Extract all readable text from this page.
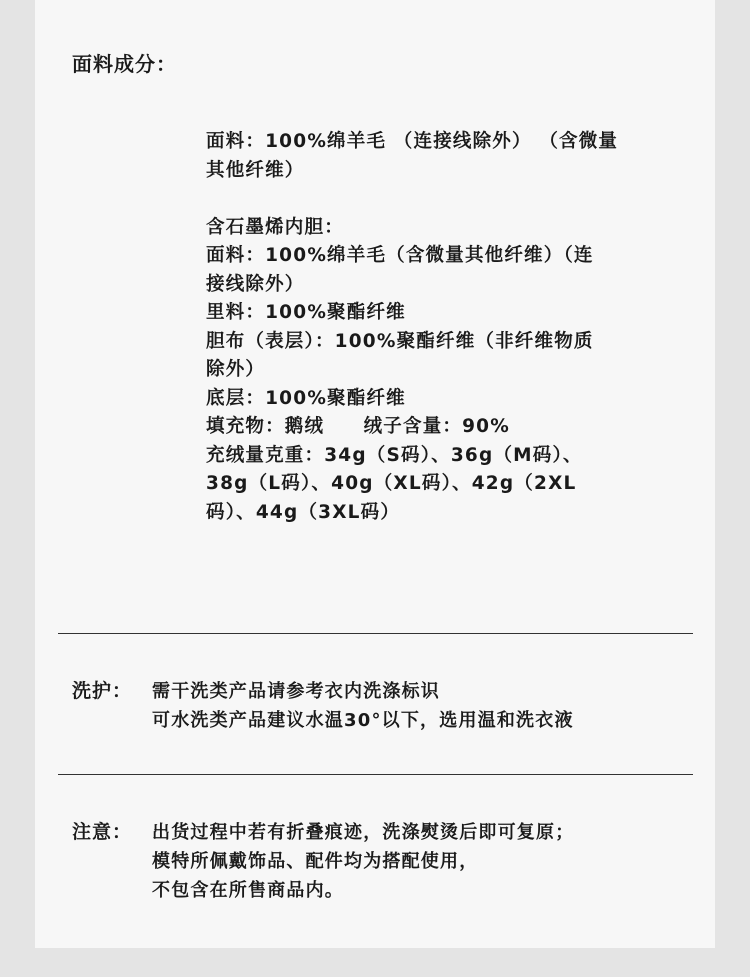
面料成分：
面料：100%绵羊毛 （连接线除外） （含微量
其他纤维）
含石墨烯内胆：
面料：100%绵羊毛（含微量其他纤维）（连
接线除外）
里料：100%聚酯纤维
胆布（表层）：100%聚酯纤维（非纤维物质
除外）
底层：100%聚酯纤维
填充物：鹅绒　　绒子含量：90%
充绒量克重：34g（S码）、36g（M码）、
38g（L码）、40g（XL码）、42g（2XL
码）、44g（3XL码）
洗护： 需干洗类产品请参考衣内洗涤标识
可水洗类产品建议水温30°以下，选用温和洗衣液
注意： 出货过程中若有折叠痕迹，洗涤熨烫后即可复原；
模特所佩戴饰品、配件均为搭配使用，
不包含在所售商品内。
